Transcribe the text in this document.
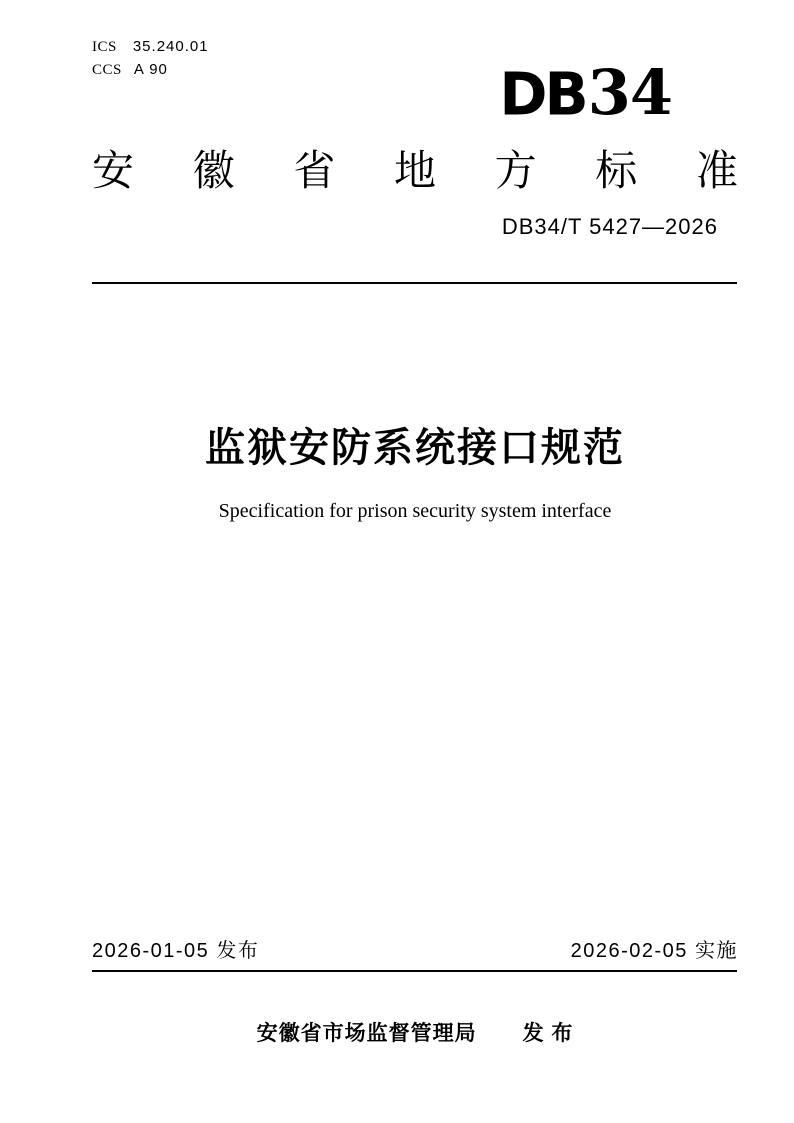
ICS 35.240.01
CCS A 90	DB 34
安 徽 省 地 方 标 准
DB34/T 5427—2026
监狱安防系统接口规范
Specification for prison security system interface
2026-01-05 发布	2026-02-05 实施
安徽省市场监督管理局 发 布
